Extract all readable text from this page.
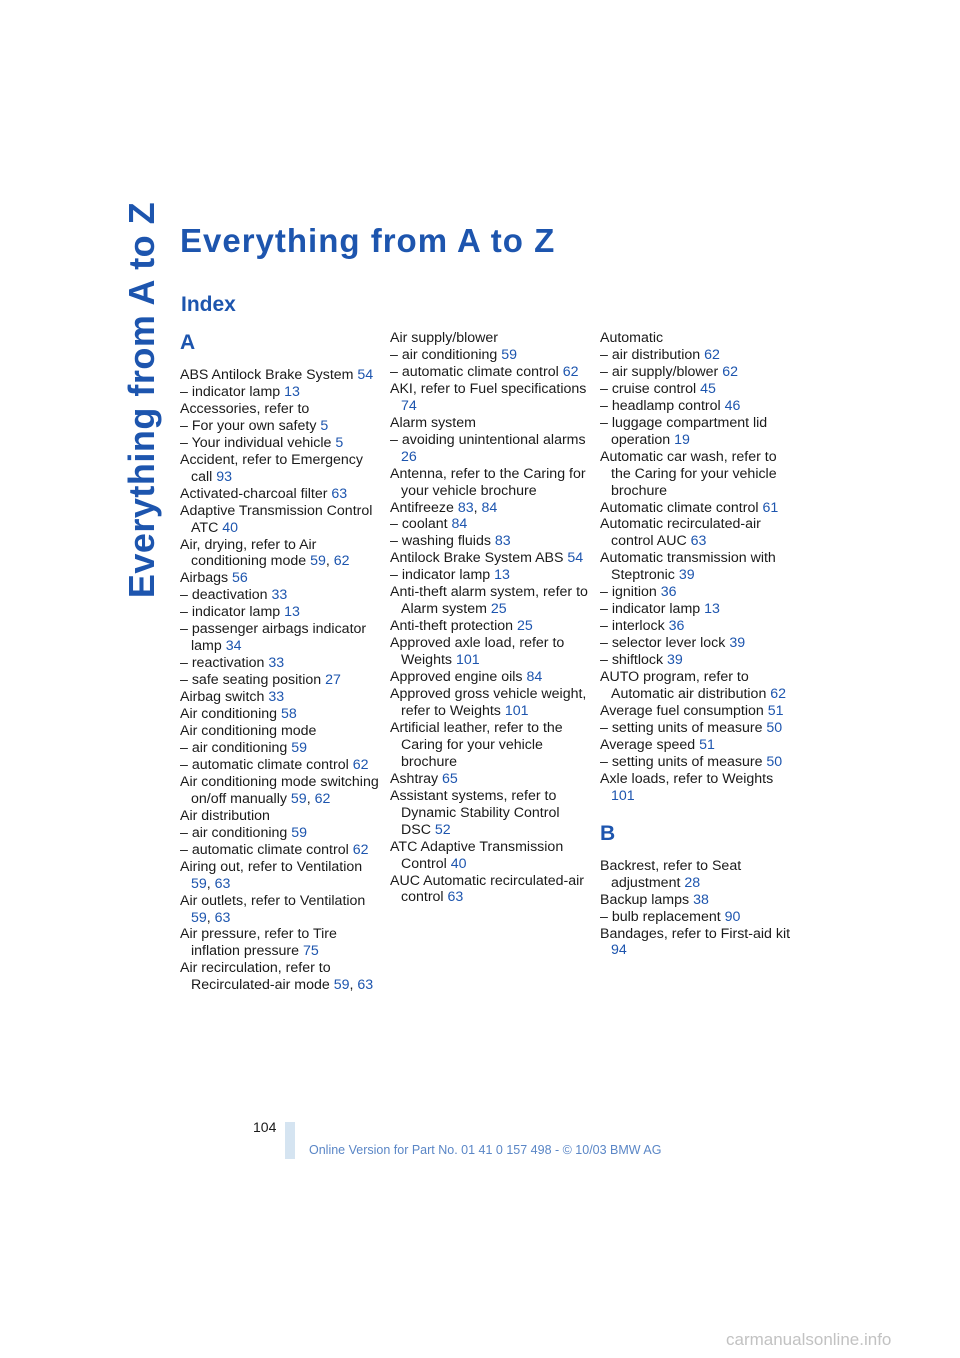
Everything from A to Z Everything from A to Z
Index
A
ABS Antilock Brake System 54
– indicator lamp 13
Accessories, refer to
– For your own safety 5
– Your individual vehicle 5
Accident, refer to Emergency call 93
Activated-charcoal filter 63
Adaptive Transmission Control ATC 40
Air, drying, refer to Air conditioning mode 59, 62
Airbags 56
– deactivation 33
– indicator lamp 13
– passenger airbags indicator lamp 34
– reactivation 33
– safe seating position 27
Airbag switch 33
Air conditioning 58
Air conditioning mode
– air conditioning 59
– automatic climate control 62
Air conditioning mode switching on/off manually 59, 62
Air distribution
– air conditioning 59
– automatic climate control 62
Airing out, refer to Ventilation 59, 63
Air outlets, refer to Ventilation 59, 63
Air pressure, refer to Tire inflation pressure 75
Air recirculation, refer to Recirculated-air mode 59, 63
Air supply/blower
– air conditioning 59
– automatic climate control 62
AKI, refer to Fuel specifications 74
Alarm system
– avoiding unintentional alarms 26
Antenna, refer to the Caring for your vehicle brochure
Antifreeze 83, 84
– coolant 84
– washing fluids 83
Antilock Brake System ABS 54
– indicator lamp 13
Anti-theft alarm system, refer to Alarm system 25
Anti-theft protection 25
Approved axle load, refer to Weights 101
Approved engine oils 84
Approved gross vehicle weight, refer to Weights 101
Artificial leather, refer to the Caring for your vehicle brochure
Ashtray 65
Assistant systems, refer to Dynamic Stability Control DSC 52
ATC Adaptive Transmission Control 40
AUC Automatic recirculated-air control 63
Automatic
– air distribution 62
– air supply/blower 62
– cruise control 45
– headlamp control 46
– luggage compartment lid operation 19
Automatic car wash, refer to the Caring for your vehicle brochure
Automatic climate control 61
Automatic recirculated-air control AUC 63
Automatic transmission with Steptronic 39
– ignition 36
– indicator lamp 13
– interlock 36
– selector lever lock 39
– shiftlock 39
AUTO program, refer to Automatic air distribution 62
Average fuel consumption 51
– setting units of measure 50
Average speed 51
– setting units of measure 50
Axle loads, refer to Weights 101
B
Backrest, refer to Seat adjustment 28
Backup lamps 38
– bulb replacement 90
Bandages, refer to First-aid kit 94
104
Online Version for Part No. 01 41 0 157 498 - © 10/03 BMW AG
carmanualsonline.info
